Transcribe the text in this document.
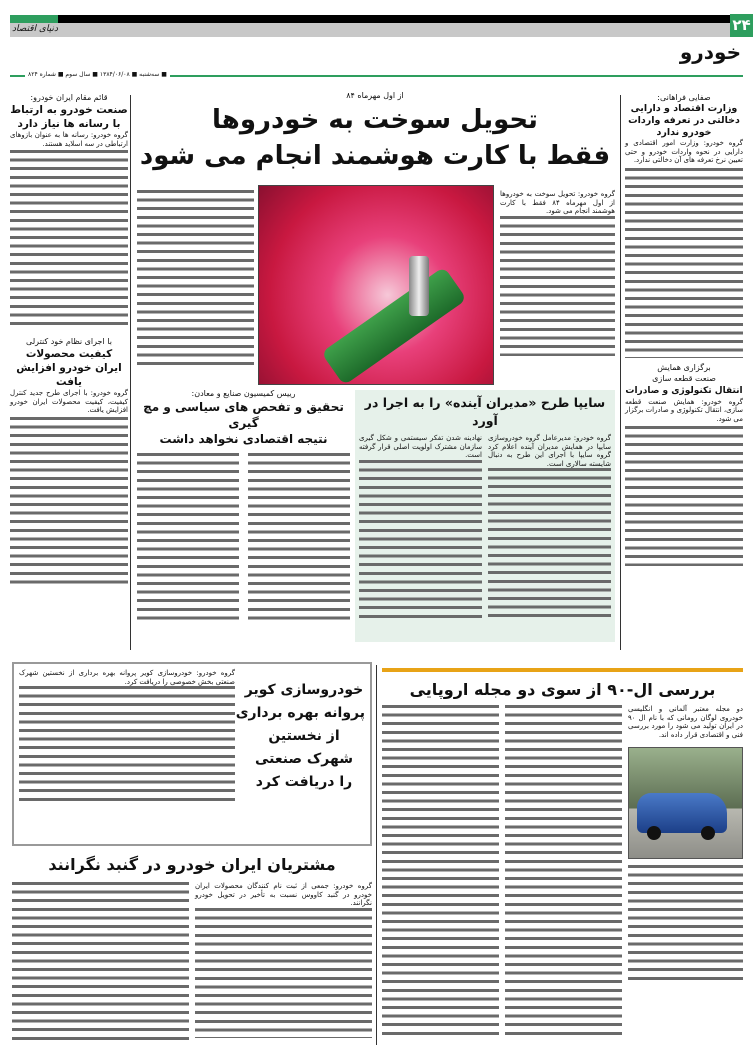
۲۴
دنیای اقتصاد
خودرو
■ سه‌شنبه ■ ۱۳۸۴/۰۶/۰۸ ■ سال سوم ■ شماره ۸۲۴
صفایی فراهانی:
وزارت اقتصاد و دارایی دخالتی در تعرفه واردات خودرو ندارد
گروه خودرو: وزارت امور اقتصادی و دارایی در نحوه واردات خودرو و حتی تعیین نرخ تعرفه های آن دخالتی ندارد.
برگزاری همایش
صنعت قطعه سازی
انتقال تکنولوژی و صادرات
گروه خودرو: همایش صنعت قطعه سازی، انتقال تکنولوژی و صادرات برگزار می شود.
قائم مقام ایران خودرو:
صنعت خودرو به ارتباط
با رسانه ها نیاز دارد
گروه خودرو: رسانه ها به عنوان بازوهای ارتباطی در سه اسلاید هستند.
با اجرای نظام خود کنترلی
کیفیت محصولات
ایران خودرو افزایش یافت
گروه خودرو: با اجرای طرح جدید کنترل کیفیت، کیفیت محصولات ایران خودرو افزایش یافت.
از اول مهرماه ۸۴
تحویل سوخت به خودروها
فقط با کارت هوشمند انجام می شود
گروه خودرو: تحویل سوخت به خودروها از اول مهرماه ۸۴ فقط با کارت هوشمند انجام می شود.
رییس کمیسیون صنایع و معادن:
تحقیق و تفحص های سیاسی و مچ گیری
نتیجه اقتصادی نخواهد داشت
سایپا طرح «مدیران آینده» را به اجرا در آورد
گروه خودرو: مدیرعامل گروه خودروسازی سایپا در همایش مدیران آینده اعلام کرد گروه سایپا با اجرای این طرح به دنبال شایسته سالاری است.
نهادینه شدن تفکر سیستمی و شکل گیری سازمان مشترک اولویت اصلی قرار گرفته است.
بررسی ال-۹۰ از سوی دو مجله اروپایی
دو مجله معتبر آلمانی و انگلیسی خودروی لوگان رومانی که با نام ال ۹۰ در ایران تولید می شود را مورد بررسی فنی و اقتصادی قرار داده اند.
خودروسازی کویر
پروانه بهره برداری
از نخستین
شهرک صنعتی
را دریافت کرد
گروه خودرو: خودروسازی کویر پروانه بهره برداری از نخستین شهرک صنعتی بخش خصوصی را دریافت کرد.
مشتریان ایران خودرو در گنبد نگرانند
گروه خودرو: جمعی از ثبت نام کنندگان محصولات ایران خودرو در گنبد کاووس نسبت به تأخیر در تحویل خودرو نگرانند.
